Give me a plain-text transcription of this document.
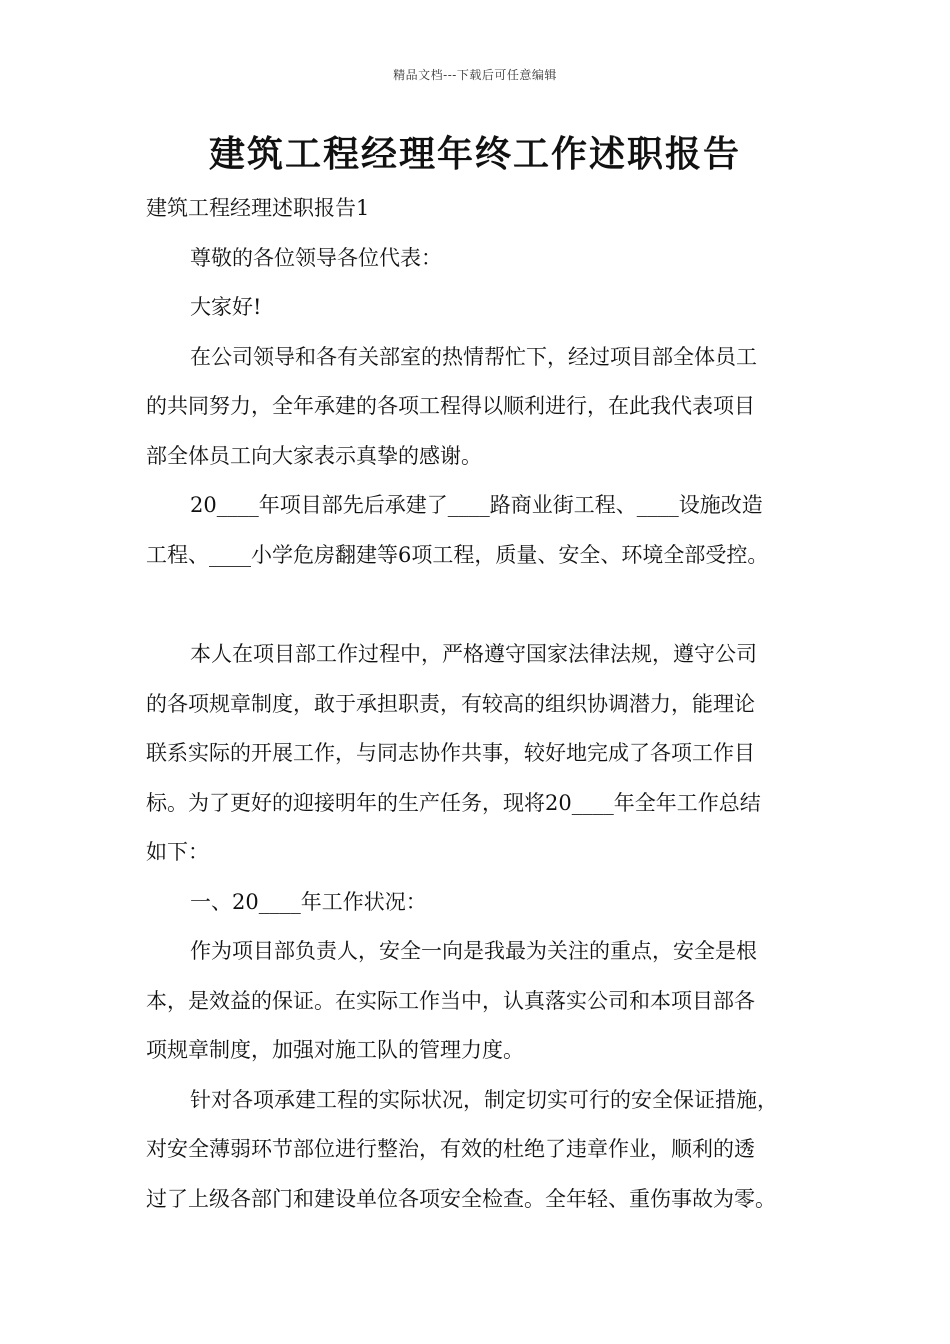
精品文档---下载后可任意编辑
建筑工程经理年终工作述职报告

建筑工程经理述职报告1

尊敬的各位领导各位代表：

大家好!

在公司领导和各有关部室的热情帮忙下，经过项目部全体员工

的共同努力，全年承建的各项工程得以顺利进行，在此我代表项目

部全体员工向大家表示真挚的感谢。

20____年项目部先后承建了____路商业街工程、____设施改造

工程、____小学危房翻建等6项工程，质量、安全、环境全部受控。

本人在项目部工作过程中，严格遵守国家法律法规，遵守公司

的各项规章制度，敢于承担职责，有较高的组织协调潜力，能理论

联系实际的开展工作，与同志协作共事，较好地完成了各项工作目

标。为了更好的迎接明年的生产任务，现将20____年全年工作总结

如下：

一、20____年工作状况：

作为项目部负责人，安全一向是我最为关注的重点，安全是根

本，是效益的保证。在实际工作当中，认真落实公司和本项目部各

项规章制度，加强对施工队的管理力度。

针对各项承建工程的实际状况，制定切实可行的安全保证措施，

对安全薄弱环节部位进行整治，有效的杜绝了违章作业，顺利的透

过了上级各部门和建设单位各项安全检查。全年轻、重伤事故为零。
